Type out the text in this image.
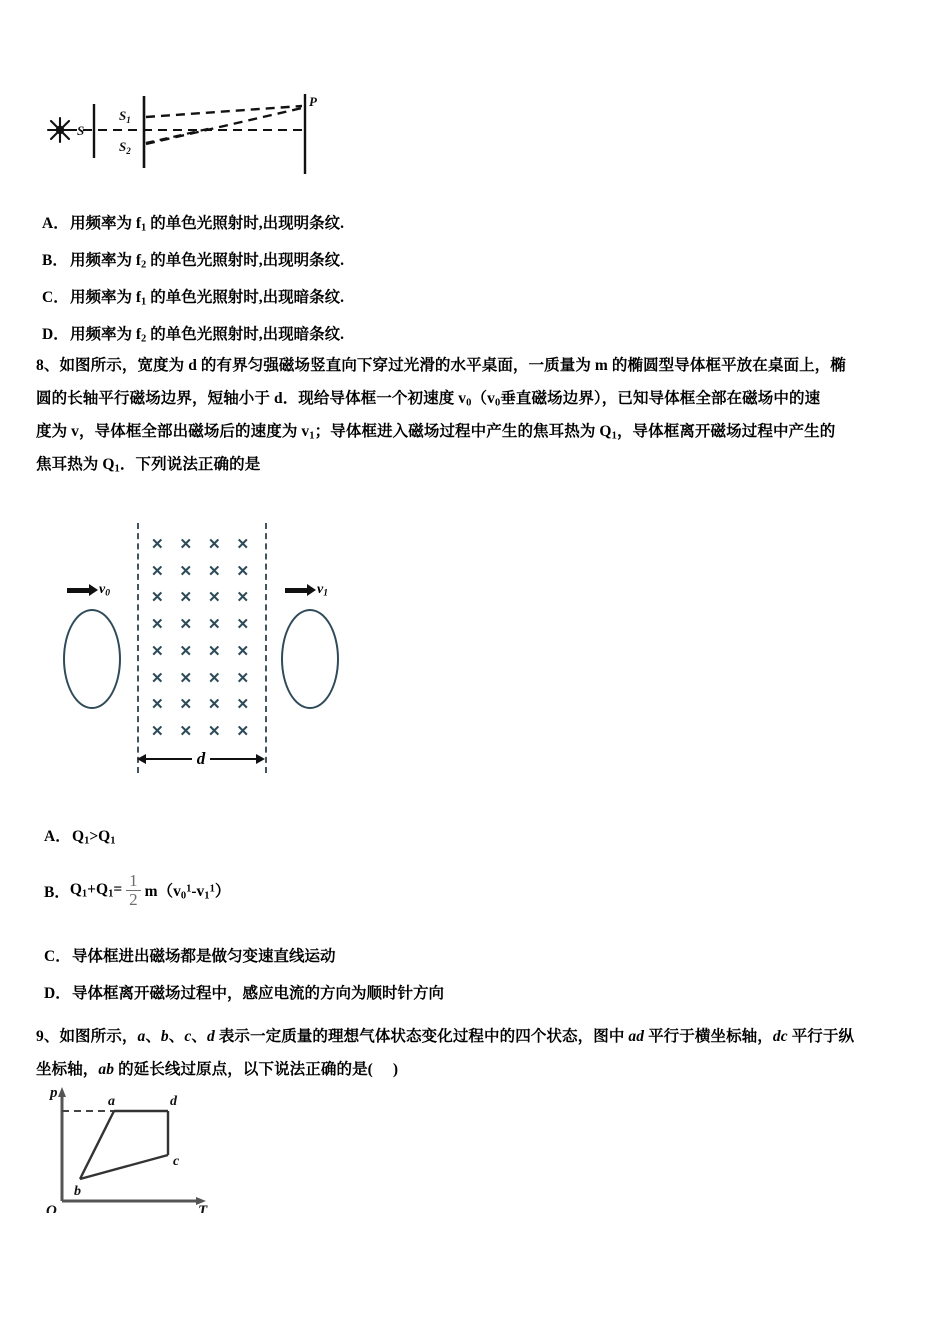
S
$S_1$
$S_2$
P
A．用频率为 $f_1$ 的单色光照射时,出现明条纹.
B． 用频率为 $f_2$ 的单色光照射时,出现明条纹.
C．用频率为 $f_1$ 的单色光照射时,出现暗条纹.
D．用频率为 $f_2$ 的单色光照射时,出现暗条纹.
8、如图所示，宽度为 d 的有界匀强磁场竖直向下穿过光滑的水平桌面，一质量为 m 的椭圆型导体框平放在桌面上，椭
圆的长轴平行磁场边界，短轴小于 d．现给导体框一个初速度 $v_0(v_0$垂直磁场边界），已知导体框全部在磁场中的速
度为 v，导体框全部出磁场后的速度为 $v_1$；导体框进入磁场过程中产生的焦耳热为 $Q_1$，导体框离开磁场过程中产生的
焦耳热为 $Q_1$．下列说法正确的是
✕ ✕ ✕ ✕
✕ ✕ ✕ ✕
✕ ✕ ✕ ✕
✕ ✕ ✕ ✕
✕ ✕ ✕ ✕
✕ ✕ ✕ ✕
✕ ✕ ✕ ✕
✕ ✕ ✕ ✕
$v_0$	$v_1$
d
A．$Q_1>Q_1$
B． $Q_1+Q_1= \frac{1}{2} m(v_0^1-v_1^1)$
C．导体框进出磁场都是做匀变速直线运动
D．导体框离开磁场过程中，感应电流的方向为顺时针方向
9、如图所示，a、b、c、d 表示一定质量的理想气体状态变化过程中的四个状态，图中 ad 平行于横坐标轴，dc 平行于纵
坐标轴，ab 的延长线过原点，以下说法正确的是(     )
a
b
c
d
p
T
O
